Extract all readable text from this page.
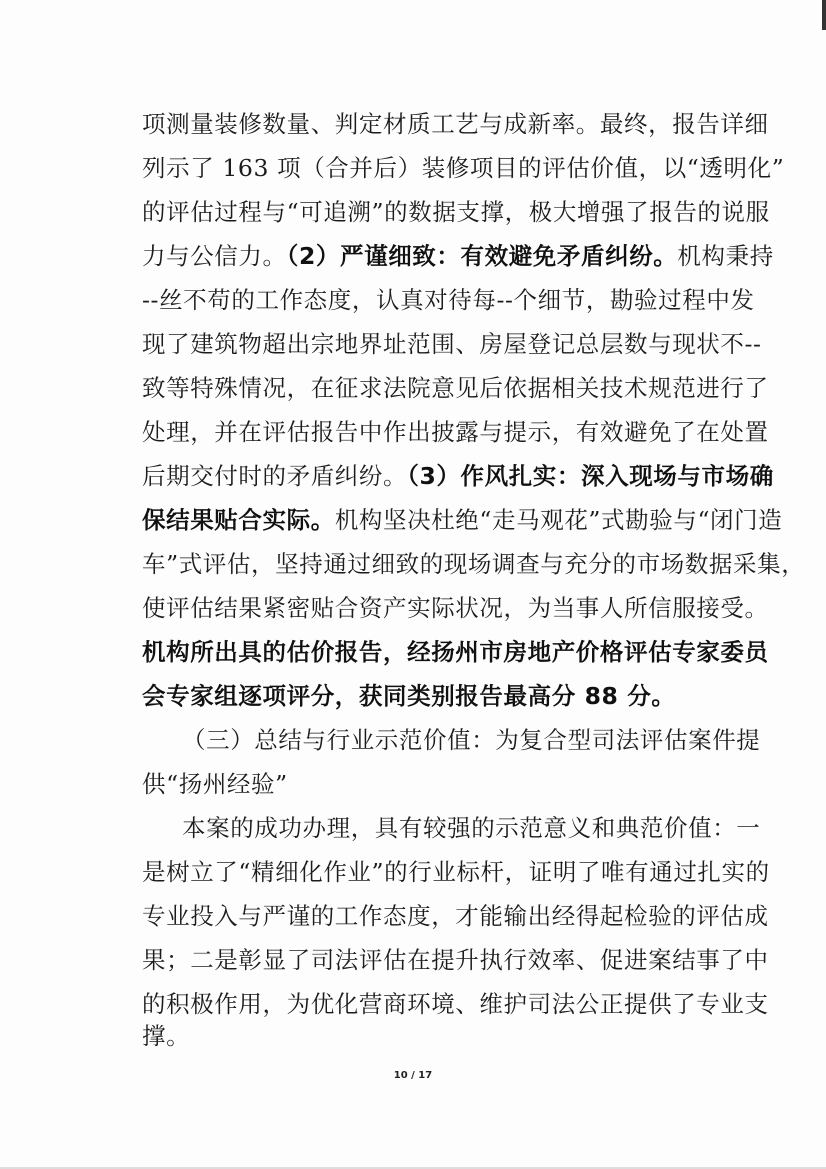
项测量装修数量、判定材质工艺与成新率。最终，报告详细
列示了 163 项（合并后）装修项目的评估价值，以“透明化”
的评估过程与“可追溯”的数据支撑，极大增强了报告的说服
力与公信力。（2）严谨细致：有效避免矛盾纠纷。机构秉持
--丝不苟的工作态度，认真对待每--个细节，勘验过程中发
现了建筑物超出宗地界址范围、房屋登记总层数与现状不--
致等特殊情况，在征求法院意见后依据相关技术规范进行了
处理，并在评估报告中作出披露与提示，有效避免了在处置
后期交付时的矛盾纠纷。（3）作风扎实：深入现场与市场确
保结果贴合实际。机构坚决杜绝“走马观花”式勘验与“闭门造
车”式评估，坚持通过细致的现场调查与充分的市场数据采集，
使评估结果紧密贴合资产实际状况，为当事人所信服接受。
机构所出具的估价报告，经扬州市房地产价格评估专家委员
会专家组逐项评分，获同类别报告最高分 88 分。
（三）总结与行业示范价值：为复合型司法评估案件提
供“扬州经验”
本案的成功办理，具有较强的示范意义和典范价值：一
是树立了“精细化作业”的行业标杆，证明了唯有通过扎实的
专业投入与严谨的工作态度，才能输出经得起检验的评估成
果；二是彰显了司法评估在提升执行效率、促进案结事了中
的积极作用，为优化营商环境、维护司法公正提供了专业支
撑。
10 / 17
